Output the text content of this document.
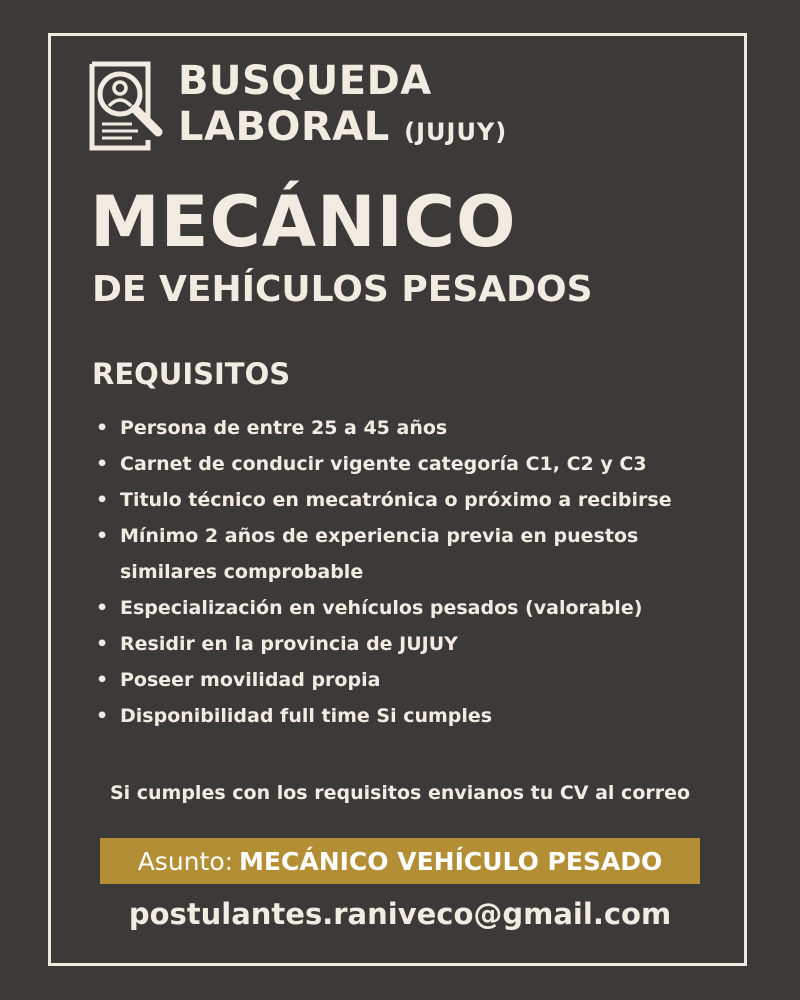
BUSQUEDA
LABORAL (JUJUY)
MECÁNICO
DE VEHÍCULOS PESADOS
REQUISITOS
• Persona de entre 25 a 45 años
• Carnet de conducir vigente categoría C1, C2 y C3
• Titulo técnico en mecatrónica o próximo a recibirse
• Mínimo 2 años de experiencia previa en puestos
similares comprobable
• Especialización en vehículos pesados (valorable)
• Residir en la provincia de JUJUY
• Poseer movilidad propia
• Disponibilidad full time Si cumples
Si cumples con los requisitos envianos tu CV al correo
Asunto: MECÁNICO VEHÍCULO PESADO
postulantes.raniveco@gmail.com
